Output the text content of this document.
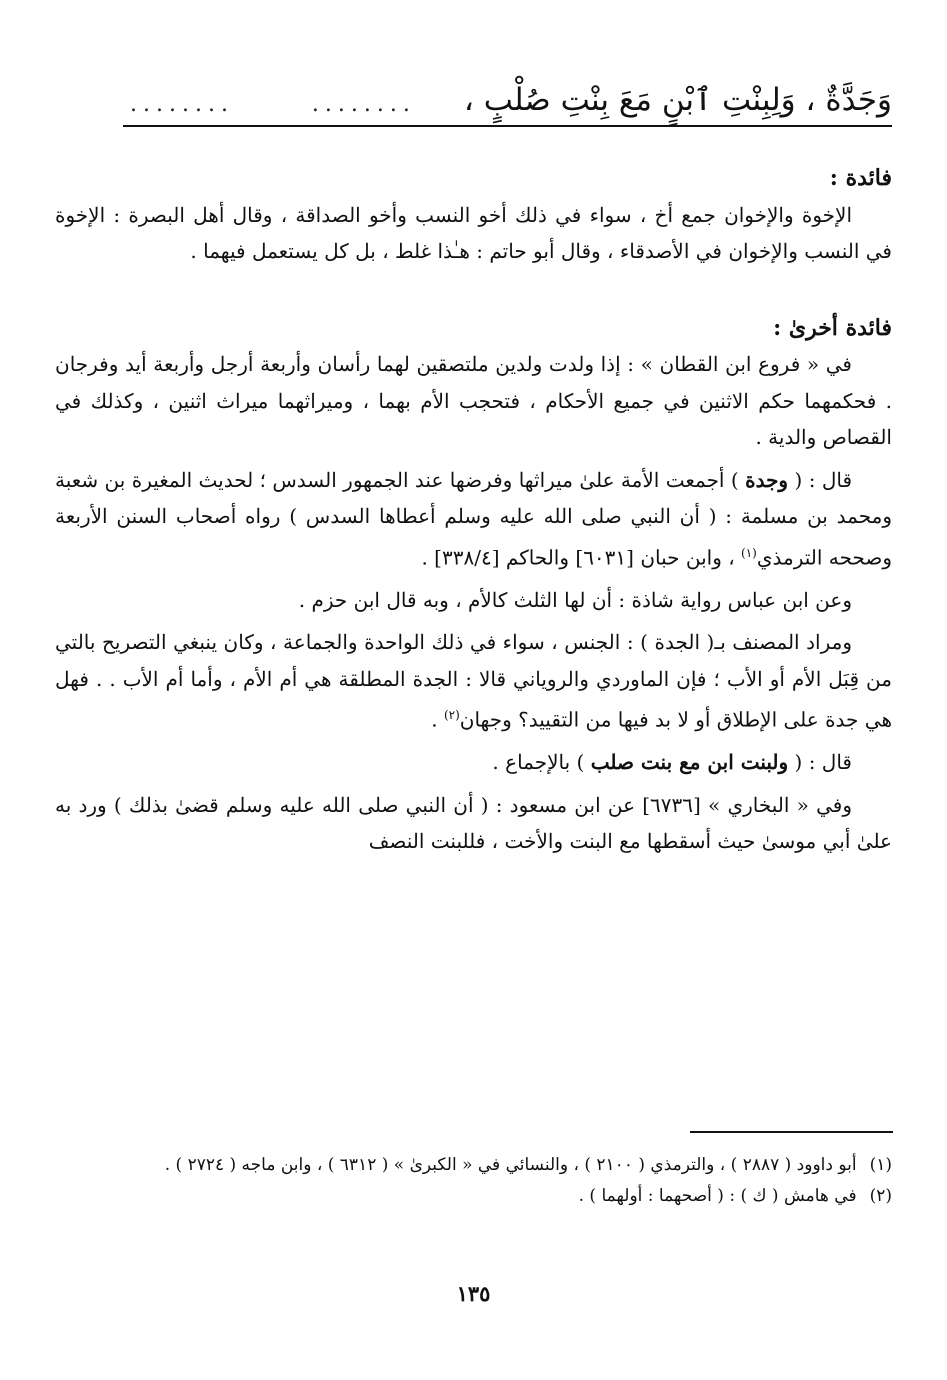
وَجَدَّةٌ ، وَلِبِنْتِ ٱبْنٍ مَعَ بِنْتِ صُلْبٍ ،
........	........

فائدة :

الإخوة والإخوان جمع أخ ، سواء في ذلك أخو النسب وأخو الصداقة ، وقال أهل البصرة : الإخوة في النسب والإخوان في الأصدقاء ، وقال أبو حاتم : هـٰذا غلط ، بل كل يستعمل فيهما .

فائدة أخرىٰ :

في « فروع ابن القطان » : إذا ولدت ولدين ملتصقين لهما رأسان وأربعة أرجل وأربعة أيد وفرجان . فحكمهما حكم الاثنين في جميع الأحكام ، فتحجب الأم بهما ، وميراثهما ميراث اثنين ، وكذلك في القصاص والدية .

قال : ( وجدة ) أجمعت الأمة علىٰ ميراثها وفرضها عند الجمهور السدس ؛ لحديث المغيرة بن شعبة ومحمد بن مسلمة : ( أن النبي صلى الله عليه وسلم أعطاها السدس ) رواه أصحاب السنن الأربعة وصححه الترمذي$^{(١)}$ ، وابن حبان [٦٠٣١] والحاكم [٣٣٨/٤] .

وعن ابن عباس رواية شاذة : أن لها الثلث كالأم ، وبه قال ابن حزم .

ومراد المصنف بـ( الجدة ) : الجنس ، سواء في ذلك الواحدة والجماعة ، وكان ينبغي التصريح بالتي من قِبَل الأم أو الأب ؛ فإن الماوردي والروياني قالا : الجدة المطلقة هي أم الأم ، وأما أم الأب . . فهل هي جدة على الإطلاق أو لا بد فيها من التقييد؟ وجهان$^{(٢)}$ .

قال : ( ولبنت ابن مع بنت صلب ) بالإجماع .

وفي « البخاري » [٦٧٣٦] عن ابن مسعود : ( أن النبي صلى الله عليه وسلم قضىٰ بذلك ) ورد به علىٰ أبي موسىٰ حيث أسقطها مع البنت والأخت ، فللبنت النصف

(١) أبو داوود ( ٢٨٨٧ ) ، والترمذي ( ٢١٠٠ ) ، والنسائي في « الكبرىٰ » ( ٦٣١٢ ) ، وابن ماجه ( ٢٧٢٤ ) .

(٢) في هامش ( ك ) : ( أصحهما : أولهما ) .

١٣٥
